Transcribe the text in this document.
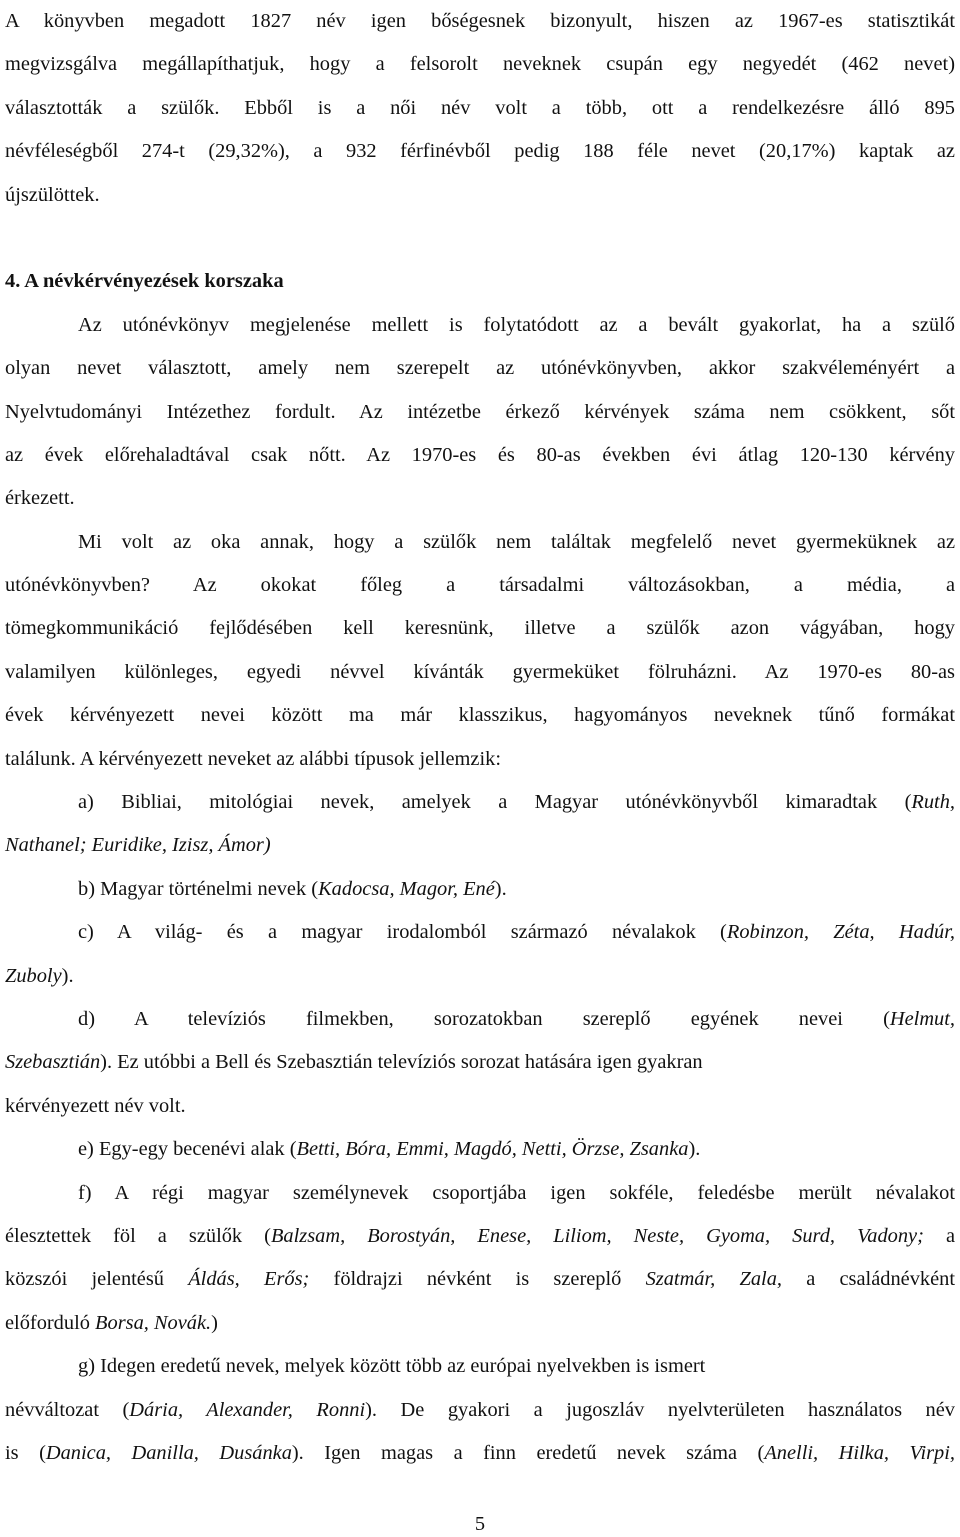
A könyvben megadott 1827 név igen bőségesnek bizonyult, hiszen az 1967-es statisztikát
megvizsgálva megállapíthatjuk, hogy a felsorolt neveknek csupán egy negyedét (462 nevet)
választották a szülők. Ebből is a női név volt a több, ott a rendelkezésre álló 895
névféleségből 274-t (29,32%), a 932 férfinévből pedig 188 féle nevet (20,17%) kaptak az
újszülöttek.
4. A névkérvényezések korszaka
Az utónévkönyv megjelenése mellett is folytatódott az a bevált gyakorlat, ha a szülő
olyan nevet választott, amely nem szerepelt az utónévkönyvben, akkor szakvéleményért a
Nyelvtudományi Intézethez fordult. Az intézetbe érkező kérvények száma nem csökkent, sőt
az évek előrehaladtával csak nőtt. Az 1970-es és 80-as években évi átlag 120-130 kérvény
érkezett.
Mi volt az oka annak, hogy a szülők nem találtak megfelelő nevet gyermeküknek az
utónévkönyvben? Az okokat főleg a társadalmi változásokban, a média, a
tömegkommunikáció fejlődésében kell keresnünk, illetve a szülők azon vágyában, hogy
valamilyen különleges, egyedi névvel kívánták gyermeküket fölruházni. Az 1970-es 80-as
évek kérvényezett nevei között ma már klasszikus, hagyományos neveknek tűnő formákat
találunk. A kérvényezett neveket az alábbi típusok jellemzik:
a) Bibliai, mitológiai nevek, amelyek a Magyar utónévkönyvből kimaradtak (Ruth,
Nathanel; Euridike, Izisz, Ámor)
b) Magyar történelmi nevek (Kadocsa, Magor, Ené).
c) A világ- és a magyar irodalomból származó névalakok (Robinzon, Zéta, Hadúr,
Zuboly).
d) A televíziós filmekben, sorozatokban szereplő egyének nevei (Helmut,
Szebasztián). Ez utóbbi a Bell és Szebasztián televíziós sorozat hatására igen gyakran
kérvényezett név volt.
e) Egy-egy becenévi alak (Betti, Bóra, Emmi, Magdó, Netti, Örzse, Zsanka).
f) A régi magyar személynevek csoportjába igen sokféle, feledésbe merült névalakot
élesztettek föl a szülők (Balzsam, Borostyán, Enese, Liliom, Neste, Gyoma, Surd, Vadony; a
közszói jelentésű Áldás, Erős; földrajzi névként is szereplő Szatmár, Zala, a családnévként
előforduló Borsa, Novák.)
g) Idegen eredetű nevek, melyek között több az európai nyelvekben is ismert
névváltozat (Dária, Alexander, Ronni). De gyakori a jugoszláv nyelvterületen használatos név
is (Danica, Danilla, Dusánka). Igen magas a finn eredetű nevek száma (Anelli, Hilka, Virpi,
5
